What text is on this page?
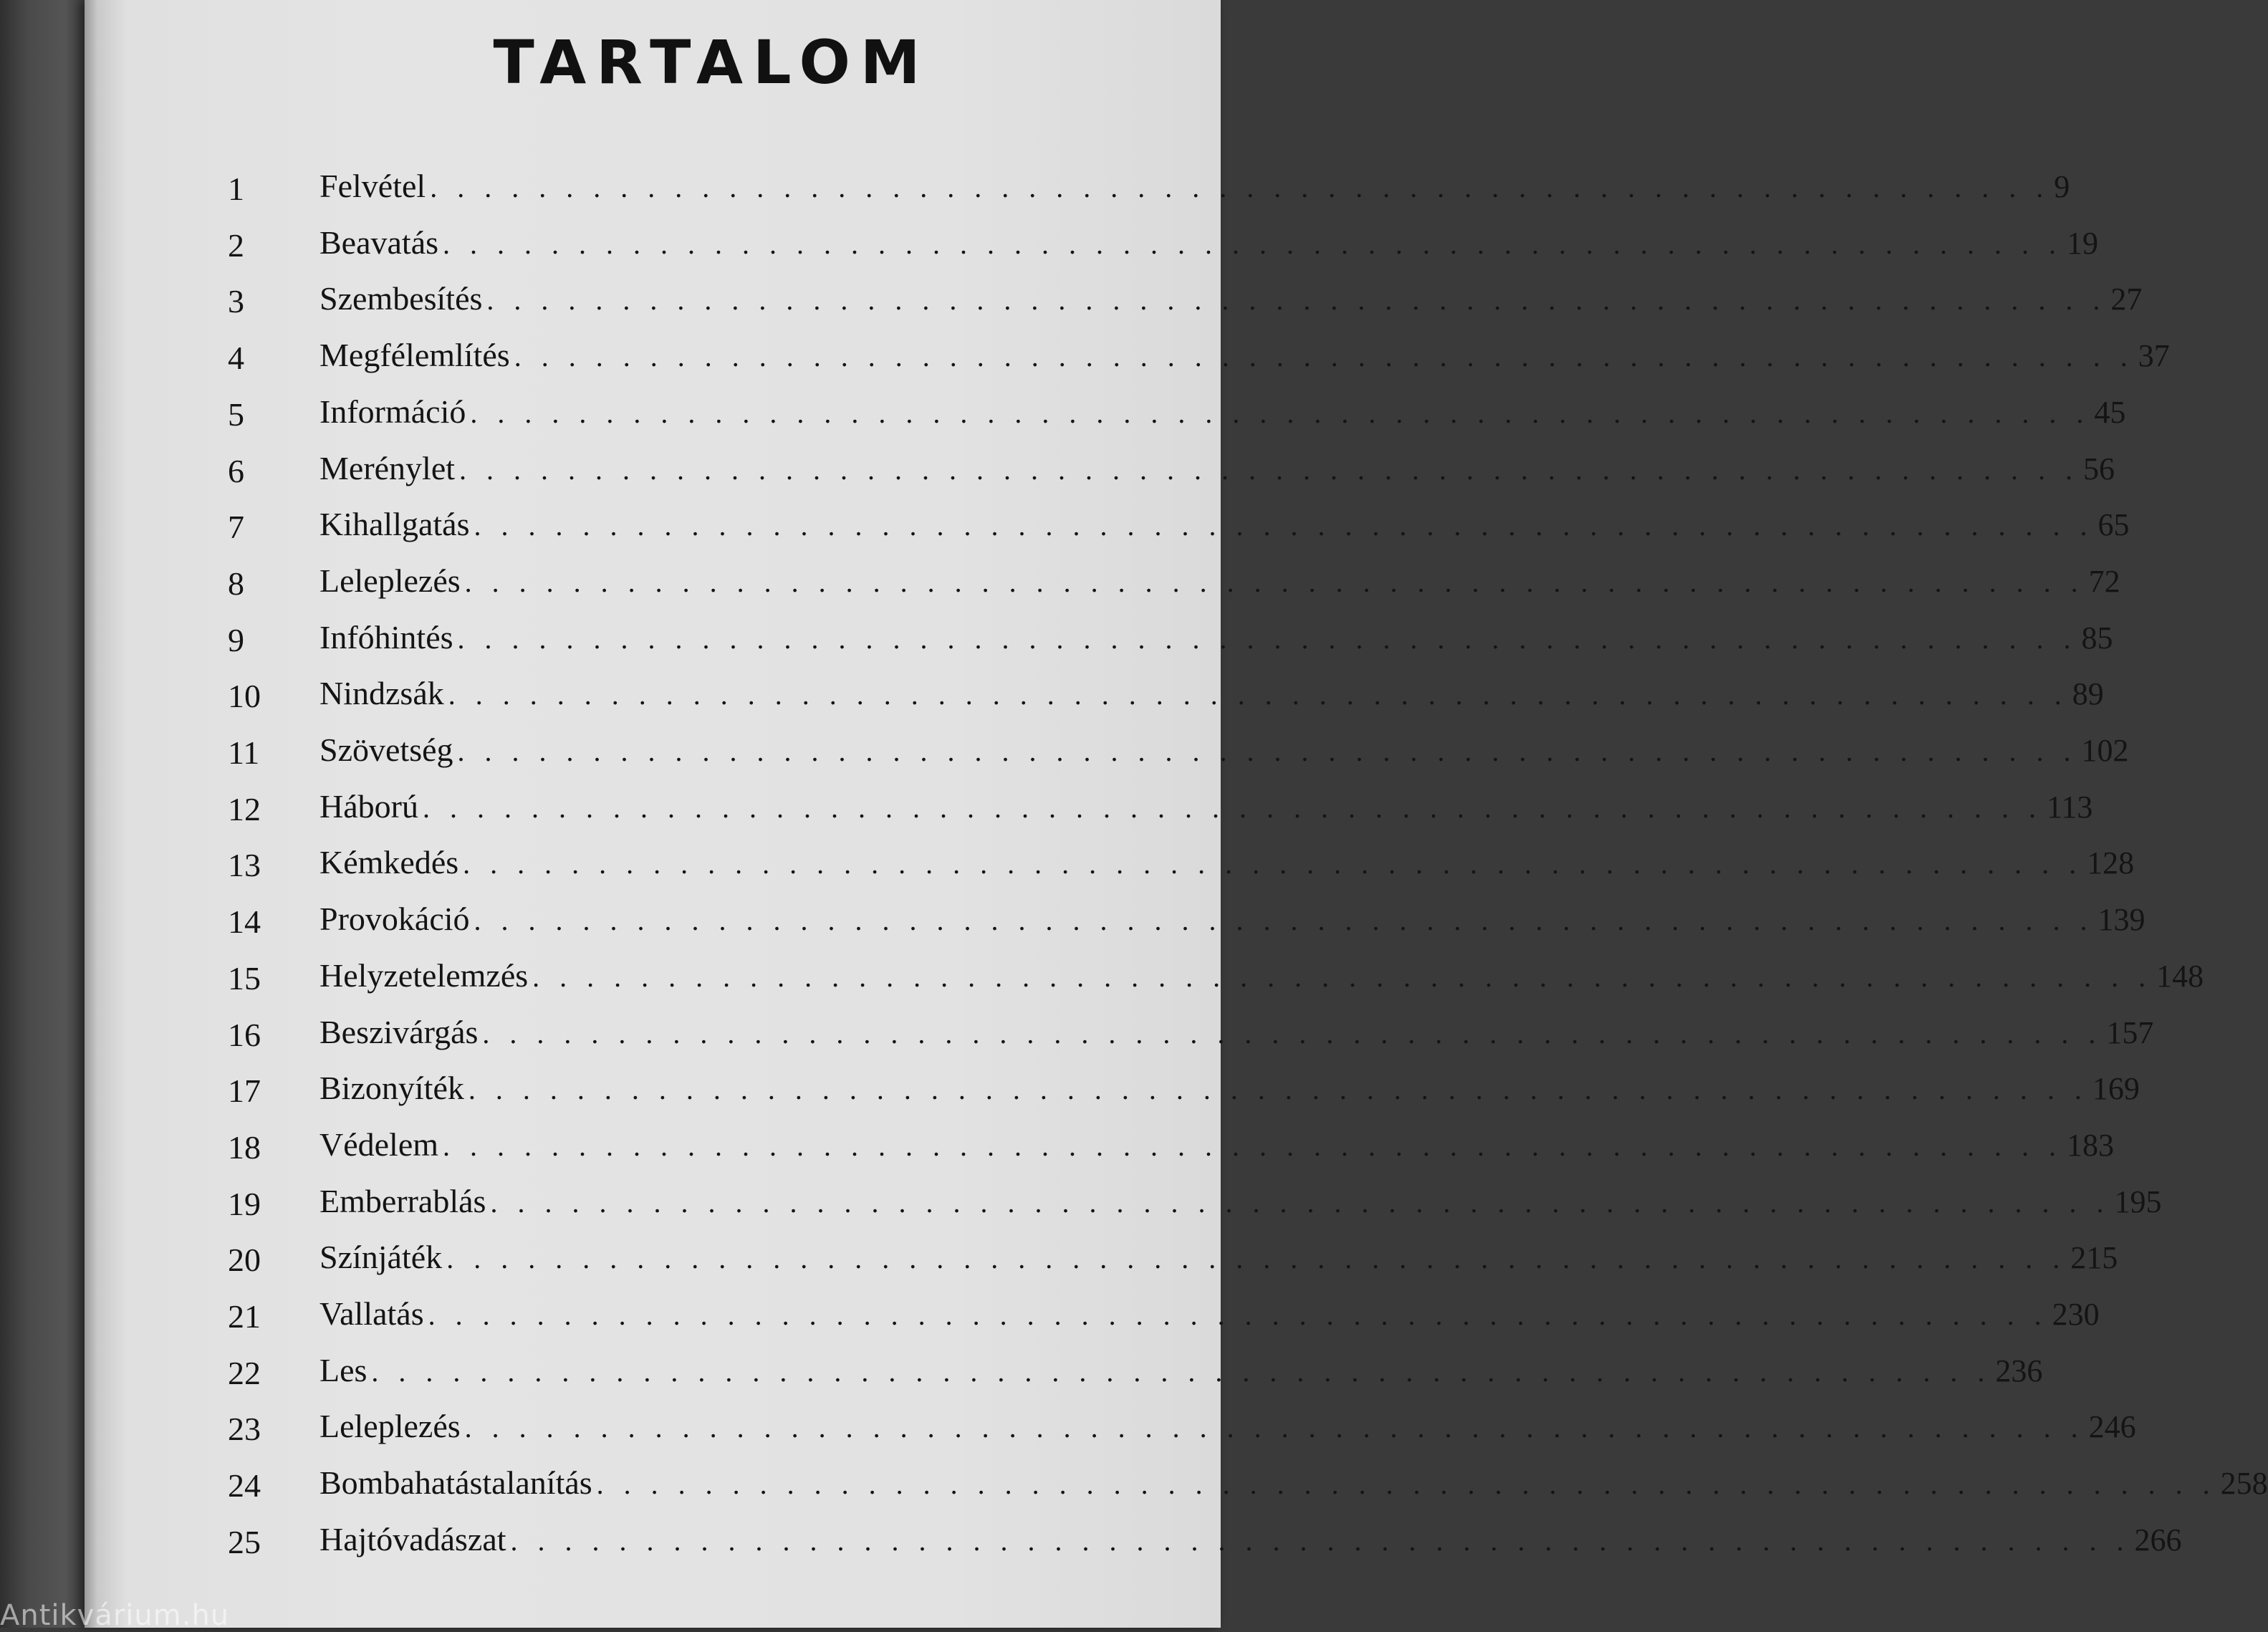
TARTALOM
1	Felvétel . . . . . . . . . . . . . . . . . . . . . . . . . . . . . . . . . . . . . . . . . . . . . . . . . . . . . . . . . . . . 9
2	Beavatás . . . . . . . . . . . . . . . . . . . . . . . . . . . . . . . . . . . . . . . . . . . . . . . . . . . . . . . . . . . . 19
3	Szembesítés . . . . . . . . . . . . . . . . . . . . . . . . . . . . . . . . . . . . . . . . . . . . . . . . . . . . . . . . . . . . 27
4	Megfélemlítés . . . . . . . . . . . . . . . . . . . . . . . . . . . . . . . . . . . . . . . . . . . . . . . . . . . . . . . . . . . . 37
5	Információ . . . . . . . . . . . . . . . . . . . . . . . . . . . . . . . . . . . . . . . . . . . . . . . . . . . . . . . . . . . . 45
6	Merénylet . . . . . . . . . . . . . . . . . . . . . . . . . . . . . . . . . . . . . . . . . . . . . . . . . . . . . . . . . . . . 56
7	Kihallgatás . . . . . . . . . . . . . . . . . . . . . . . . . . . . . . . . . . . . . . . . . . . . . . . . . . . . . . . . . . . . 65
8	Leleplezés . . . . . . . . . . . . . . . . . . . . . . . . . . . . . . . . . . . . . . . . . . . . . . . . . . . . . . . . . . . . 72
9	Infóhintés . . . . . . . . . . . . . . . . . . . . . . . . . . . . . . . . . . . . . . . . . . . . . . . . . . . . . . . . . . . . 85
10	Nindzsák . . . . . . . . . . . . . . . . . . . . . . . . . . . . . . . . . . . . . . . . . . . . . . . . . . . . . . . . . . . . 89
11	Szövetség . . . . . . . . . . . . . . . . . . . . . . . . . . . . . . . . . . . . . . . . . . . . . . . . . . . . . . . . . . . . 102
12	Háború . . . . . . . . . . . . . . . . . . . . . . . . . . . . . . . . . . . . . . . . . . . . . . . . . . . . . . . . . . . . 113
13	Kémkedés . . . . . . . . . . . . . . . . . . . . . . . . . . . . . . . . . . . . . . . . . . . . . . . . . . . . . . . . . . . . 128
14	Provokáció . . . . . . . . . . . . . . . . . . . . . . . . . . . . . . . . . . . . . . . . . . . . . . . . . . . . . . . . . . . . 139
15	Helyzetelemzés . . . . . . . . . . . . . . . . . . . . . . . . . . . . . . . . . . . . . . . . . . . . . . . . . . . . . . . . . . . . 148
16	Beszivárgás . . . . . . . . . . . . . . . . . . . . . . . . . . . . . . . . . . . . . . . . . . . . . . . . . . . . . . . . . . . . 157
17	Bizonyíték . . . . . . . . . . . . . . . . . . . . . . . . . . . . . . . . . . . . . . . . . . . . . . . . . . . . . . . . . . . . 169
18	Védelem . . . . . . . . . . . . . . . . . . . . . . . . . . . . . . . . . . . . . . . . . . . . . . . . . . . . . . . . . . . . 183
19	Emberrablás . . . . . . . . . . . . . . . . . . . . . . . . . . . . . . . . . . . . . . . . . . . . . . . . . . . . . . . . . . . . 195
20	Színjáték . . . . . . . . . . . . . . . . . . . . . . . . . . . . . . . . . . . . . . . . . . . . . . . . . . . . . . . . . . . . 215
21	Vallatás . . . . . . . . . . . . . . . . . . . . . . . . . . . . . . . . . . . . . . . . . . . . . . . . . . . . . . . . . . . . 230
22	Les . . . . . . . . . . . . . . . . . . . . . . . . . . . . . . . . . . . . . . . . . . . . . . . . . . . . . . . . . . . . 236
23	Leleplezés . . . . . . . . . . . . . . . . . . . . . . . . . . . . . . . . . . . . . . . . . . . . . . . . . . . . . . . . . . . . 246
24	Bombahatástalanítás . . . . . . . . . . . . . . . . . . . . . . . . . . . . . . . . . . . . . . . . . . . . . . . . . . . . . . . . . . . . 258
25	Hajtóvadászat . . . . . . . . . . . . . . . . . . . . . . . . . . . . . . . . . . . . . . . . . . . . . . . . . . . . . . . . . . . . 266
Antikvárium.hu
